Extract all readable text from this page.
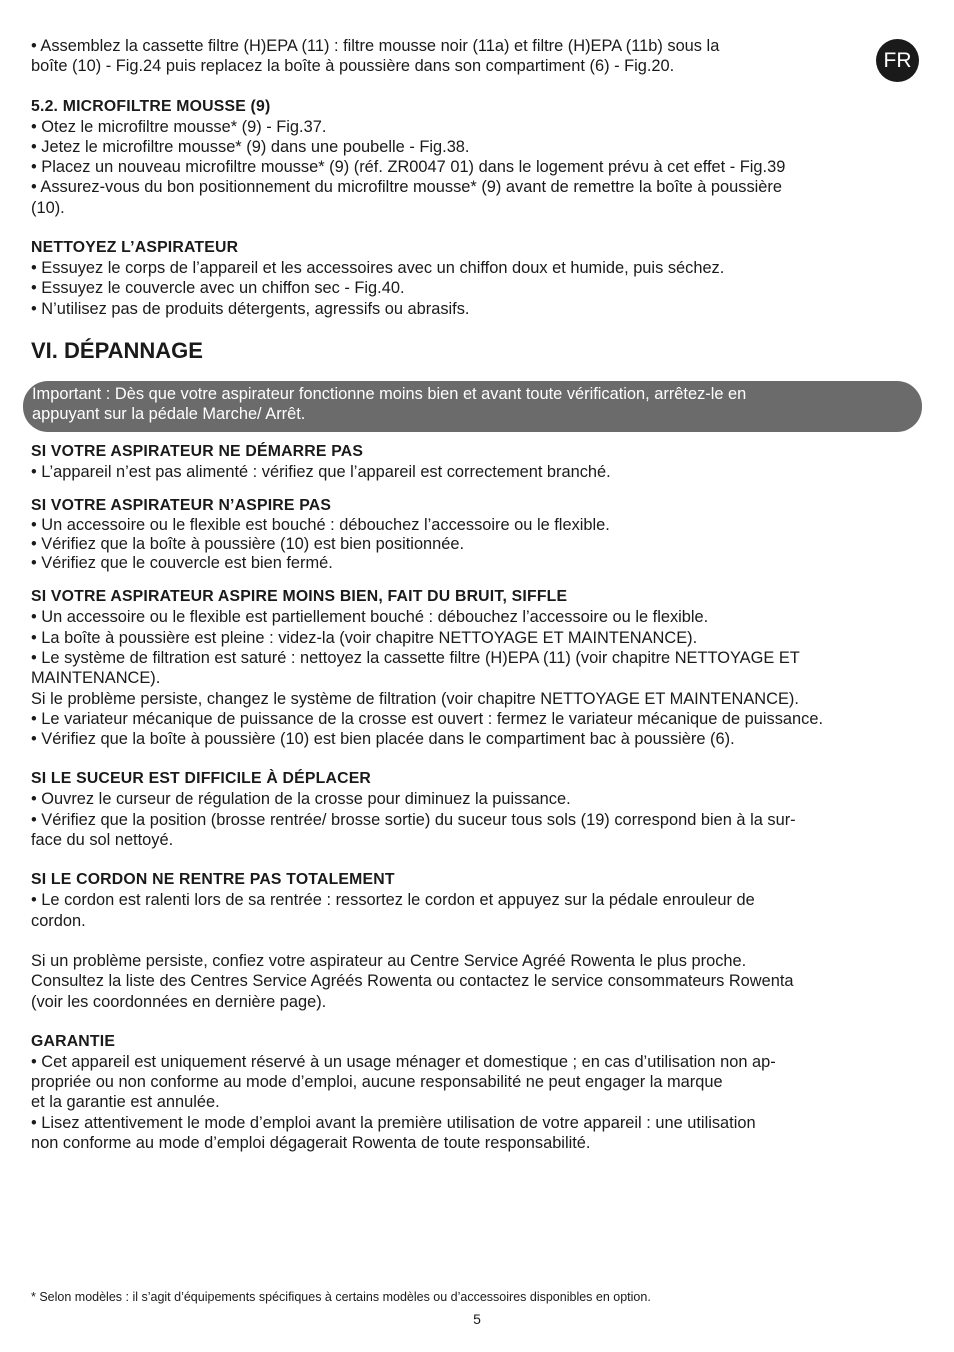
FR

• Assemblez la cassette filtre (H)EPA (11) : filtre mousse noir (11a) et filtre (H)EPA (11b) sous la

boîte (10) - Fig.24 puis replacez la boîte à poussière dans son compartiment (6) - Fig.20.

5.2. MICROFILTRE MOUSSE (9)

• Otez le microfiltre mousse* (9) - Fig.37.

• Jetez le microfiltre mousse* (9) dans une poubelle - Fig.38.

• Placez un nouveau microfiltre mousse* (9) (réf. ZR0047 01) dans le logement prévu à cet effet - Fig.39

• Assurez-vous du bon positionnement du microfiltre mousse* (9) avant de remettre la boîte à poussière

(10).

NETTOYEZ L’ASPIRATEUR

• Essuyez le corps de l’appareil et les accessoires avec un chiffon doux et humide, puis séchez.

• Essuyez le couvercle avec un chiffon sec - Fig.40.

• N’utilisez pas de produits détergents, agressifs ou abrasifs.

VI. DÉPANNAGE

Important : Dès que votre aspirateur fonctionne moins bien et avant toute vérification, arrêtez-le en

appuyant sur la pédale Marche/ Arrêt.

SI VOTRE ASPIRATEUR NE DÉMARRE PAS

• L’appareil n’est pas alimenté : vérifiez que l’appareil est correctement branché.

SI VOTRE ASPIRATEUR N’ASPIRE PAS

• Un accessoire ou le flexible est bouché : débouchez l’accessoire ou le flexible.

• Vérifiez que la boîte à poussière (10) est bien positionnée.

• Vérifiez que le couvercle est bien fermé.

SI VOTRE ASPIRATEUR ASPIRE MOINS BIEN, FAIT DU BRUIT, SIFFLE

• Un accessoire ou le flexible est partiellement bouché : débouchez l’accessoire ou le flexible.

• La boîte à poussière est pleine : videz-la (voir chapitre NETTOYAGE ET MAINTENANCE).

• Le système de filtration est saturé : nettoyez la cassette filtre (H)EPA (11) (voir chapitre NETTOYAGE ET

MAINTENANCE).

Si le problème persiste, changez le système de filtration (voir chapitre NETTOYAGE ET MAINTENANCE).

• Le variateur mécanique de puissance de la crosse est ouvert : fermez le variateur mécanique de puissance.

• Vérifiez que la boîte à poussière (10) est bien placée dans le compartiment bac à poussière (6).

SI LE SUCEUR EST DIFFICILE À DÉPLACER

• Ouvrez le curseur de régulation de la crosse pour diminuez la puissance.

• Vérifiez que la position (brosse rentrée/ brosse sortie) du suceur tous sols (19) correspond bien à la sur-

face du sol nettoyé.

SI LE CORDON NE RENTRE PAS TOTALEMENT

• Le cordon est ralenti lors de sa rentrée : ressortez le cordon et appuyez sur la pédale enrouleur de

cordon.

Si un problème persiste, confiez votre aspirateur au Centre Service Agréé Rowenta le plus proche.

Consultez la liste des Centres Service Agréés Rowenta ou contactez le service consommateurs Rowenta

(voir les coordonnées en dernière page).

GARANTIE

• Cet appareil est uniquement réservé à un usage ménager et domestique ; en cas d’utilisation non ap-

propriée ou non conforme au mode d’emploi, aucune responsabilité ne peut engager la marque

et la garantie est annulée.

• Lisez attentivement le mode d’emploi avant la première utilisation de votre appareil : une utilisation

non conforme au mode d’emploi dégagerait Rowenta de toute responsabilité.

* Selon modèles : il s’agit d’équipements spécifiques à certains modèles ou d’accessoires disponibles en option.

5
